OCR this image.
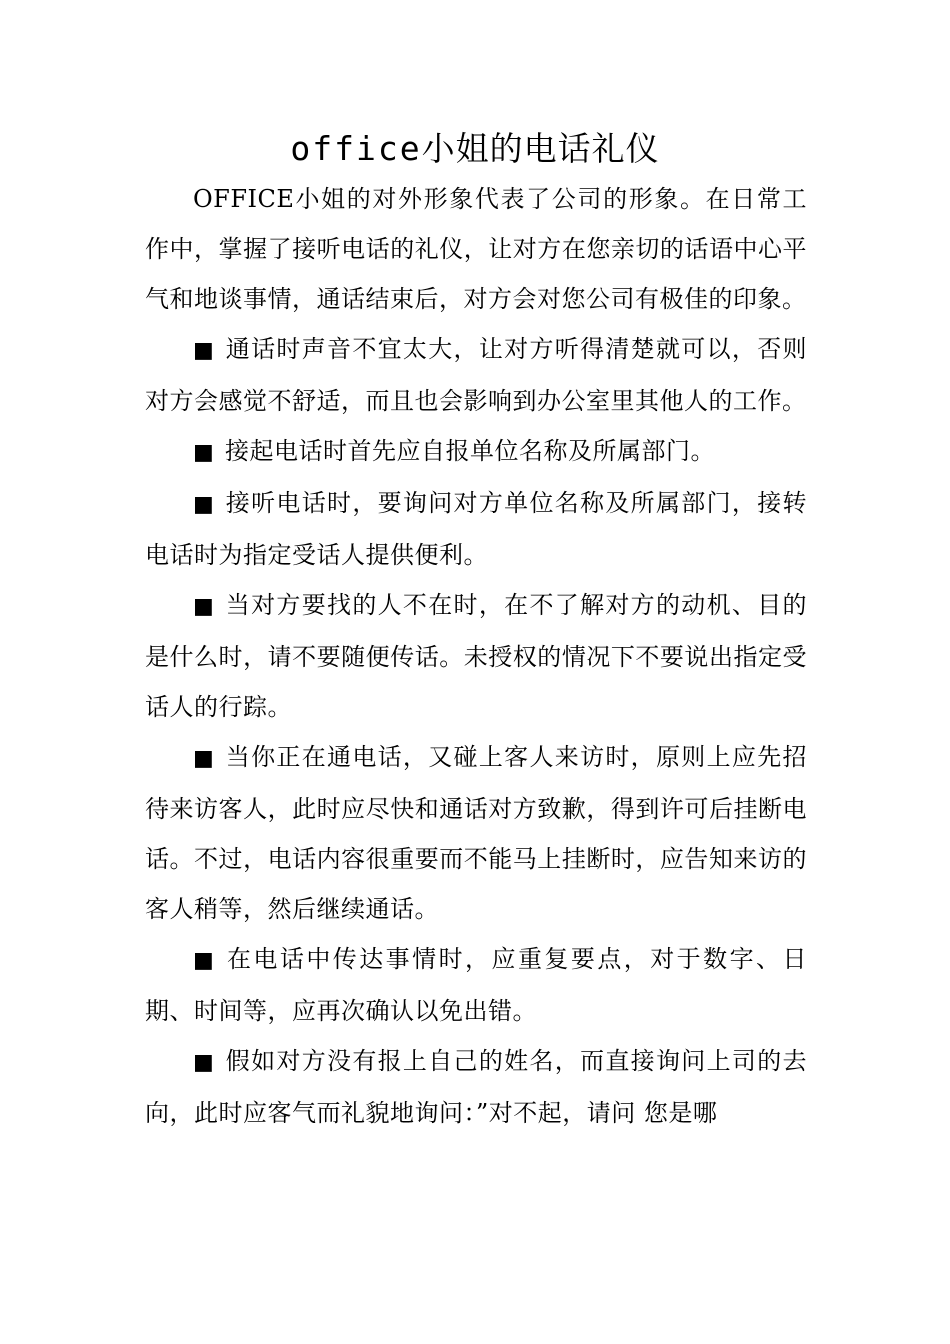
office小姐的电话礼仪

OFFICE小姐的对外形象代表了公司的形象。在日常工作中，掌握了接听电话的礼仪，让对方在您亲切的话语中心平气和地谈事情，通话结束后，对方会对您公司有极佳的印象。

■ 通话时声音不宜太大，让对方听得清楚就可以，否则对方会感觉不舒适，而且也会影响到办公室里其他人的工作。

■ 接起电话时首先应自报单位名称及所属部门。

■ 接听电话时，要询问对方单位名称及所属部门，接转电话时为指定受话人提供便利。

■ 当对方要找的人不在时，在不了解对方的动机、目的是什么时，请不要随便传话。未授权的情况下不要说出指定受话人的行踪。

■ 当你正在通电话，又碰上客人来访时，原则上应先招待来访客人，此时应尽快和通话对方致歉，得到许可后挂断电话。不过，电话内容很重要而不能马上挂断时，应告知来访的客人稍等，然后继续通话。

■ 在电话中传达事情时，应重复要点，对于数字、日期、时间等，应再次确认以免出错。

■ 假如对方没有报上自己的姓名，而直接询问上司的去向，此时应客气而礼貌地询问：”对不起，请问 您是哪
